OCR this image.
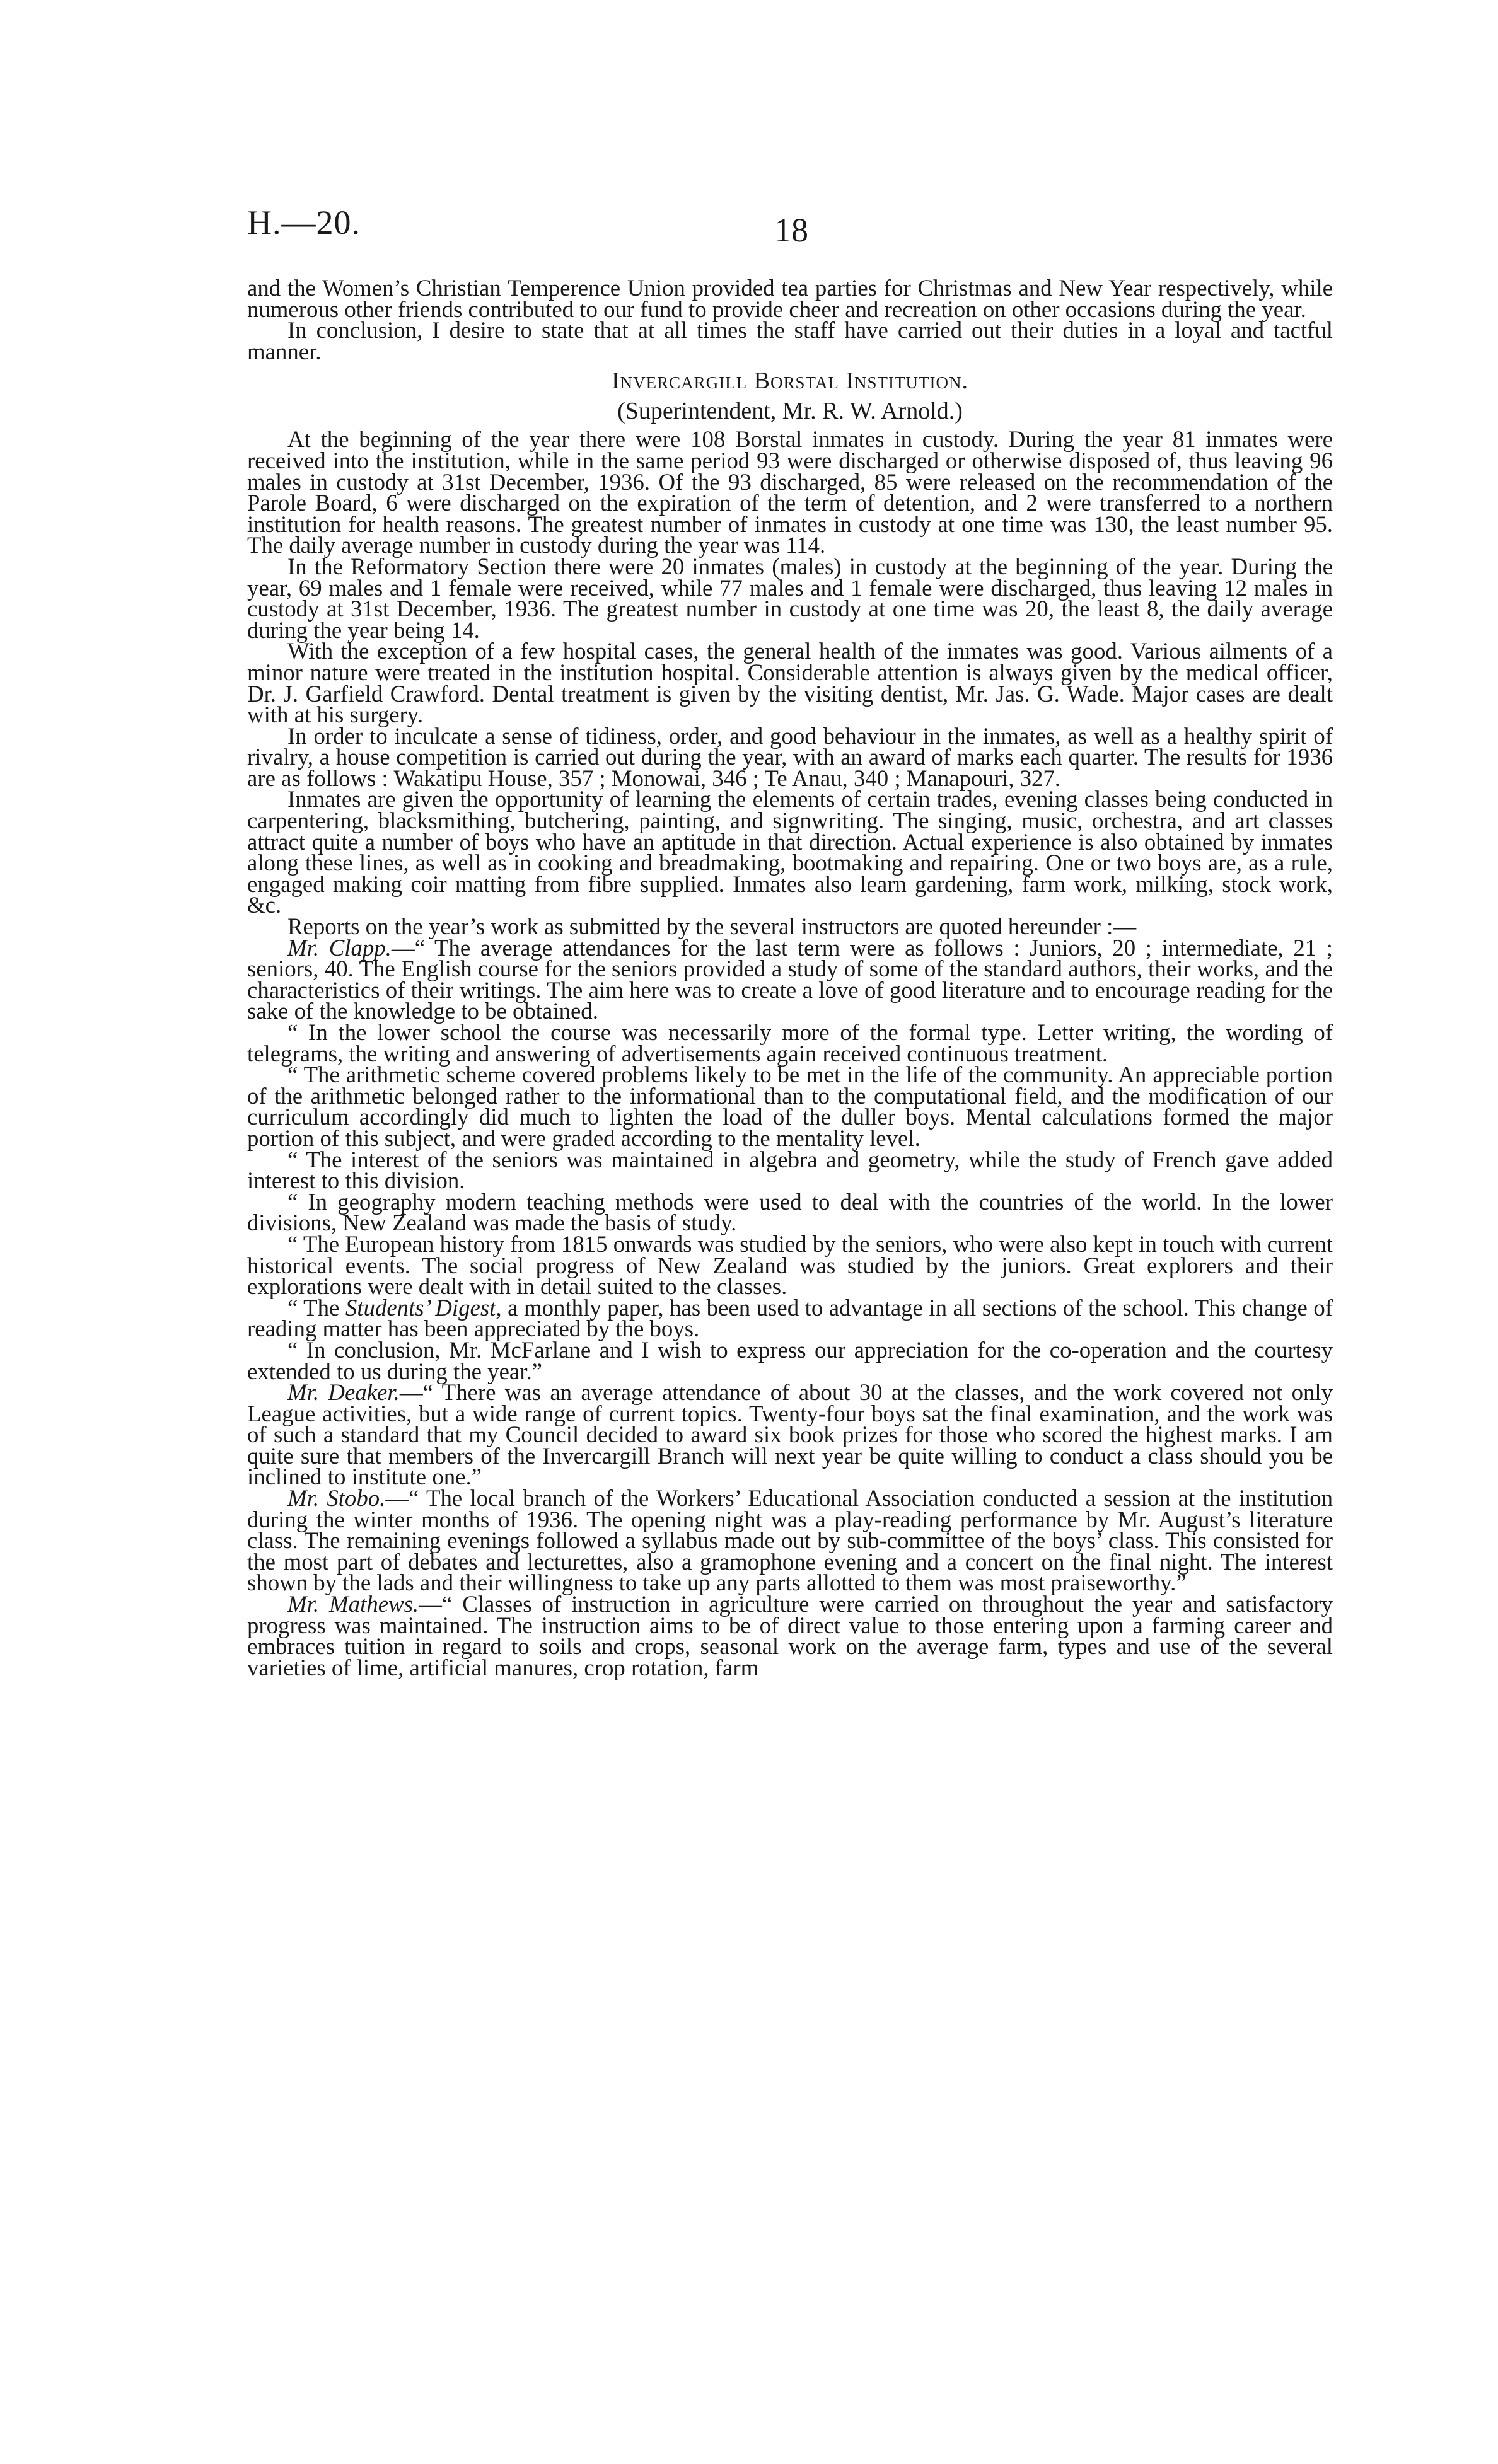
H.—20.	18

and the Women’s Christian Temperence Union provided tea parties for Christmas and New Year respectively, while numerous other friends contributed to our fund to provide cheer and recreation on other occasions during the year.

In conclusion, I desire to state that at all times the staff have carried out their duties in a loyal and tactful manner.

Invercargill Borstal Institution.

(Superintendent, Mr. R. W. Arnold.)

At the beginning of the year there were 108 Borstal inmates in custody. During the year 81 inmates were received into the institution, while in the same period 93 were discharged or otherwise disposed of, thus leaving 96 males in custody at 31st December, 1936. Of the 93 discharged, 85 were released on the recommendation of the Parole Board, 6 were discharged on the expiration of the term of detention, and 2 were transferred to a northern institution for health reasons. The greatest number of inmates in custody at one time was 130, the least number 95. The daily average number in custody during the year was 114.

In the Reformatory Section there were 20 inmates (males) in custody at the beginning of the year. During the year, 69 males and 1 female were received, while 77 males and 1 female were discharged, thus leaving 12 males in custody at 31st December, 1936. The greatest number in custody at one time was 20, the least 8, the daily average during the year being 14.

With the exception of a few hospital cases, the general health of the inmates was good. Various ailments of a minor nature were treated in the institution hospital. Considerable attention is always given by the medical officer, Dr. J. Garfield Crawford. Dental treatment is given by the visiting dentist, Mr. Jas. G. Wade. Major cases are dealt with at his surgery.

In order to inculcate a sense of tidiness, order, and good behaviour in the inmates, as well as a healthy spirit of rivalry, a house competition is carried out during the year, with an award of marks each quarter. The results for 1936 are as follows : Wakatipu House, 357 ; Monowai, 346 ; Te Anau, 340 ; Manapouri, 327.

Inmates are given the opportunity of learning the elements of certain trades, evening classes being conducted in carpentering, blacksmithing, butchering, painting, and signwriting. The singing, music, orchestra, and art classes attract quite a number of boys who have an aptitude in that direction. Actual experience is also obtained by inmates along these lines, as well as in cooking and breadmaking, bootmaking and repairing. One or two boys are, as a rule, engaged making coir matting from fibre supplied. Inmates also learn gardening, farm work, milking, stock work, &c.

Reports on the year’s work as submitted by the several instructors are quoted hereunder :—

Mr. Clapp.—“ The average attendances for the last term were as follows : Juniors, 20 ; intermediate, 21 ; seniors, 40. The English course for the seniors provided a study of some of the standard authors, their works, and the characteristics of their writings. The aim here was to create a love of good literature and to encourage reading for the sake of the knowledge to be obtained.

“ In the lower school the course was necessarily more of the formal type. Letter writing, the wording of telegrams, the writing and answering of advertisements again received continuous treatment.

“ The arithmetic scheme covered problems likely to be met in the life of the community. An appreciable portion of the arithmetic belonged rather to the informational than to the computational field, and the modification of our curriculum accordingly did much to lighten the load of the duller boys. Mental calculations formed the major portion of this subject, and were graded according to the mentality level.

“ The interest of the seniors was maintained in algebra and geometry, while the study of French gave added interest to this division.

“ In geography modern teaching methods were used to deal with the countries of the world. In the lower divisions, New Zealand was made the basis of study.

“ The European history from 1815 onwards was studied by the seniors, who were also kept in touch with current historical events. The social progress of New Zealand was studied by the juniors. Great explorers and their explorations were dealt with in detail suited to the classes.

“ The Students’ Digest, a monthly paper, has been used to advantage in all sections of the school. This change of reading matter has been appreciated by the boys.

“ In conclusion, Mr. McFarlane and I wish to express our appreciation for the co-operation and the courtesy extended to us during the year.”

Mr. Deaker.—“ There was an average attendance of about 30 at the classes, and the work covered not only League activities, but a wide range of current topics. Twenty-four boys sat the final examination, and the work was of such a standard that my Council decided to award six book prizes for those who scored the highest marks. I am quite sure that members of the Invercargill Branch will next year be quite willing to conduct a class should you be inclined to institute one.”

Mr. Stobo.—“ The local branch of the Workers’ Educational Association conducted a session at the institution during the winter months of 1936. The opening night was a play-reading performance by Mr. August’s literature class. The remaining evenings followed a syllabus made out by sub-committee of the boys’ class. This consisted for the most part of debates and lecturettes, also a gramophone evening and a concert on the final night. The interest shown by the lads and their willingness to take up any parts allotted to them was most praiseworthy.”

Mr. Mathews.—“ Classes of instruction in agriculture were carried on throughout the year and satisfactory progress was maintained. The instruction aims to be of direct value to those entering upon a farming career and embraces tuition in regard to soils and crops, seasonal work on the average farm, types and use of the several varieties of lime, artificial manures, crop rotation, farm
